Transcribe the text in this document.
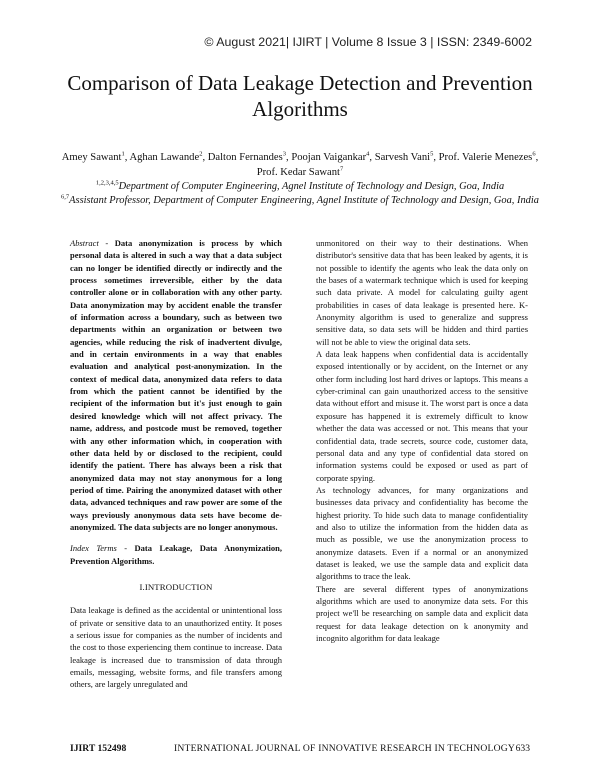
© August 2021| IJIRT | Volume 8 Issue 3 | ISSN: 2349-6002
Comparison of Data Leakage Detection and Prevention Algorithms
Amey Sawant$^1$, Aghan Lawande$^2$, Dalton Fernandes$^3$, Poojan Vaigankar$^4$, Sarvesh Vani$^5$, Prof. Valerie Menezes$^6$, Prof. Kedar Sawant$^7$
$^{1,2,3,4,5}$Department of Computer Engineering, Agnel Institute of Technology and Design, Goa, India
$^{6,7}$Assistant Professor, Department of Computer Engineering, Agnel Institute of Technology and Design, Goa, India

Abstract - Data anonymization is process by which personal data is altered in such a way that a data subject can no longer be identified directly or indirectly and the process sometimes irreversible, either by the data controller alone or in collaboration with any other party. Data anonymization may by accident enable the transfer of information across a boundary, such as between two departments within an organization or between two agencies, while reducing the risk of inadvertent divulge, and in certain environments in a way that enables evaluation and analytical post-anonymization. In the context of medical data, anonymized data refers to data from which the patient cannot be identified by the recipient of the information but it's just enough to gain desired knowledge which will not affect privacy. The name, address, and postcode must be removed, together with any other information which, in cooperation with other data held by or disclosed to the recipient, could identify the patient. There has always been a risk that anonymized data may not stay anonymous for a long period of time. Pairing the anonymized dataset with other data, advanced techniques and raw power are some of the ways previously anonymous data sets have become de-anonymized. The data subjects are no longer anonymous.

Index Terms - Data Leakage, Data Anonymization, Prevention Algorithms.

I.INTRODUCTION

Data leakage is defined as the accidental or unintentional loss of private or sensitive data to an unauthorized entity. It poses a serious issue for companies as the number of incidents and the cost to those experiencing them continue to increase. Data leakage is increased due to transmission of data through emails, messaging, website forms, and file transfers among others, are largely unregulated and

unmonitored on their way to their destinations. When distributor's sensitive data that has been leaked by agents, it is not possible to identify the agents who leak the data only on the bases of a watermark technique which is used for keeping such data private. A model for calculating guilty agent probabilities in cases of data leakage is presented here. K-Anonymity algorithm is used to generalize and suppress sensitive data, so data sets will be hidden and third parties will not be able to view the original data sets.

A data leak happens when confidential data is accidentally exposed intentionally or by accident, on the Internet or any other form including lost hard drives or laptops. This means a cyber-criminal can gain unauthorized access to the sensitive data without effort and misuse it. The worst part is once a data exposure has happened it is extremely difficult to know whether the data was accessed or not. This means that your confidential data, trade secrets, source code, customer data, personal data and any type of confidential data stored on information systems could be exposed or used as part of corporate spying.

As technology advances, for many organizations and businesses data privacy and confidentiality has become the highest priority. To hide such data to manage confidentiality and also to utilize the information from the hidden data as much as possible, we use the anonymization process to anonymize datasets. Even if a normal or an anonymized dataset is leaked, we use the sample data and explicit data algorithms to trace the leak.

There are several different types of anonymizations algorithms which are used to anonymize data sets. For this project we'll be researching on sample data and explicit data request for data leakage detection on k anonymity and incognito algorithm for data leakage

IJIRT 152498	INTERNATIONAL JOURNAL OF INNOVATIVE RESEARCH IN TECHNOLOGY 633
